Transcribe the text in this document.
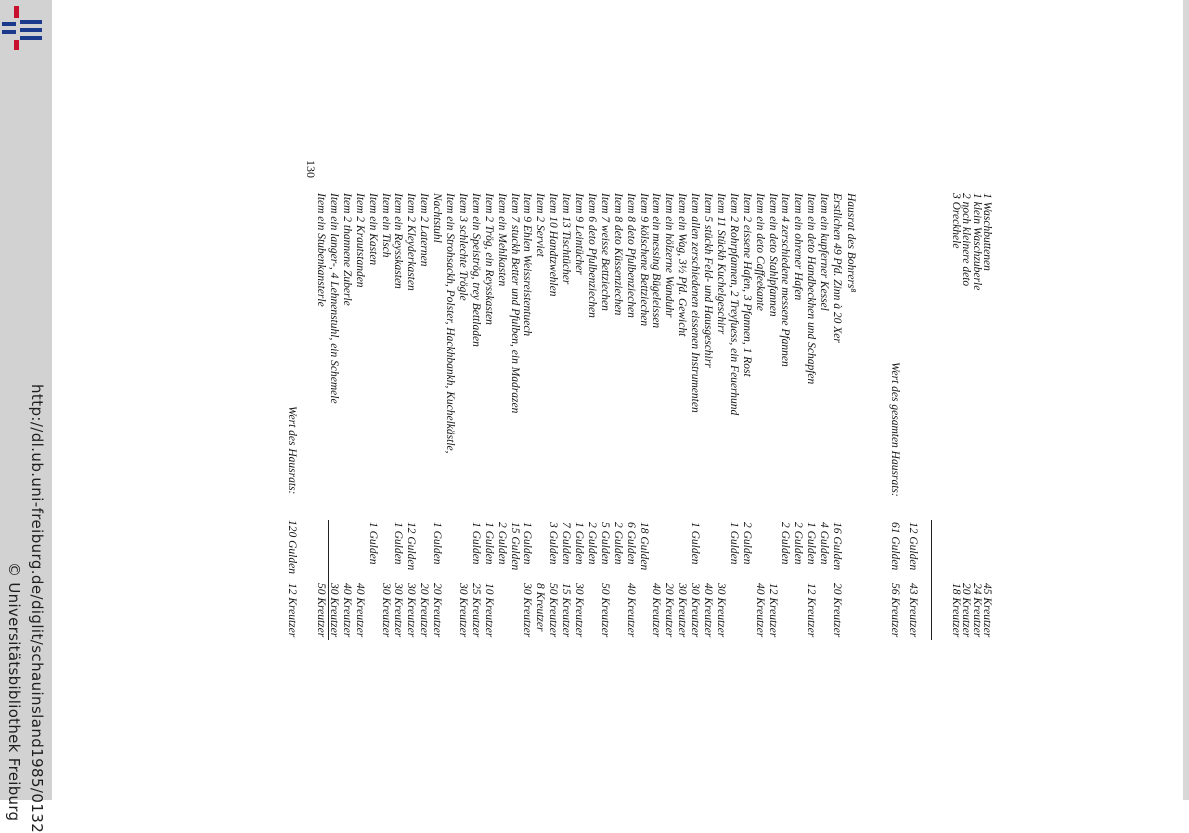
http://dl.ub.uni-freiburg.de/diglit/schauinsland1985/0132
© Universitätsbibliothek Freiburg
130
1 Waschbuttenen
45 Kreutzer
1 klein Waschzuberle
24 Kreutzer
2 noch kleinere deto
20 Kreutzer
3 Öreckhele
18 Kreutzer
12 Gulden
43 Kreutzer
Wert des gesamten Hausrats:
61 Gulden
56 Kreutzer
Hausrat des Bohrers⁸
Erstlichen 49 Pfd. Zinn à 20 Xer
16 Gulden
20 Kreutzer
Item ein kupferner Kessel
4 Gulden
Item ein deto Handbeckhen und Schapfen
1 Gulden
12 Kreutzer
Item ein ohrener Hafen
2 Gulden
Item 4 zerschiedene messene Pfannen
2 Gulden
Item ein deto Stahlpfannen
12 Kreutzer
Item ein deto Caffeekante
40 Kreutzer
Item 2 eissene Hafen, 3 Pfannen, 1 Rost
2 Gulden
Item 2 Rohrpfannen, 2 Treyfuess, ein Feuerhund
1 Gulden
Item 11 Stückh Kuchelgeschirr
30 Kreutzer
Item 5 stückh Feld- und Hausgeschirr
40 Kreutzer
Item allen zerschiedenen eissenen Instrumenten
1 Gulden
30 Kreutzer
Item ein Wag, 3½ Pfd. Gewicht
30 Kreutzer
Item ein hölzerne Wanduhr
20 Kreutzer
Item ein messing Bügeleissen
40 Kreutzer
Item 9 kölschene Bettziechen
18 Gulden
Item 8 deto Pfulbenziechen
6 Gulden
40 Kreutzer
Item 8 deto Küssenziechen
2 Gulden
Item 7 weisse Bettziechen
5 Gulden
50 Kreutzer
Item 6 deto Pfulbenziechen
2 Gulden
Item 9 Leintücher
1 Gulden
30 Kreutzer
Item 13 Tischtücher
7 Gulden
15 Kreutzer
Item 10 Handtzwehlen
3 Gulden
50 Kreutzer
Item 2 Serviet
8 Kreutzer
Item 9 Ehlen Weissreistentuech
1 Gulden
30 Kreutzer
Item 7 stuckh Better und Pfulben, ein Madrazen
15 Gulden
Item ein Mehlkasten
2 Gulden
Item 2 Trög, ein Reysskasten
1 Gulden
10 Kreutzer
Item ein Speiströg, trey Bettladen
1 Gulden
25 Kreutzer
Item 3 schlechte Trögle
30 Kreutzer
Item ein Strohsackh, Polster, Hackhbankh, Kuchelkästle,
Nachtstuhl
1 Gulden
20 Kreutzer
Item 2 Laternen
20 Kreutzer
Item 2 Kleyderkasten
12 Gulden
30 Kreutzer
Item ein Reysskasten
1 Gulden
30 Kreutzer
Item ein Tisch
30 Kreutzer
Item ein Kasten
1 Gulden
Item 2 Krautstanden
40 Kreutzer
Item 2 thannene Zuberle
40 Kreutzer
Item ein langer-, 4 Lehnenstuhl, ein Schemele
30 Kreutzer
Item ein Stubenkansterle
50 Kreutzer
Wert des Hausrats:
120 Gulden
12 Kreutzer
